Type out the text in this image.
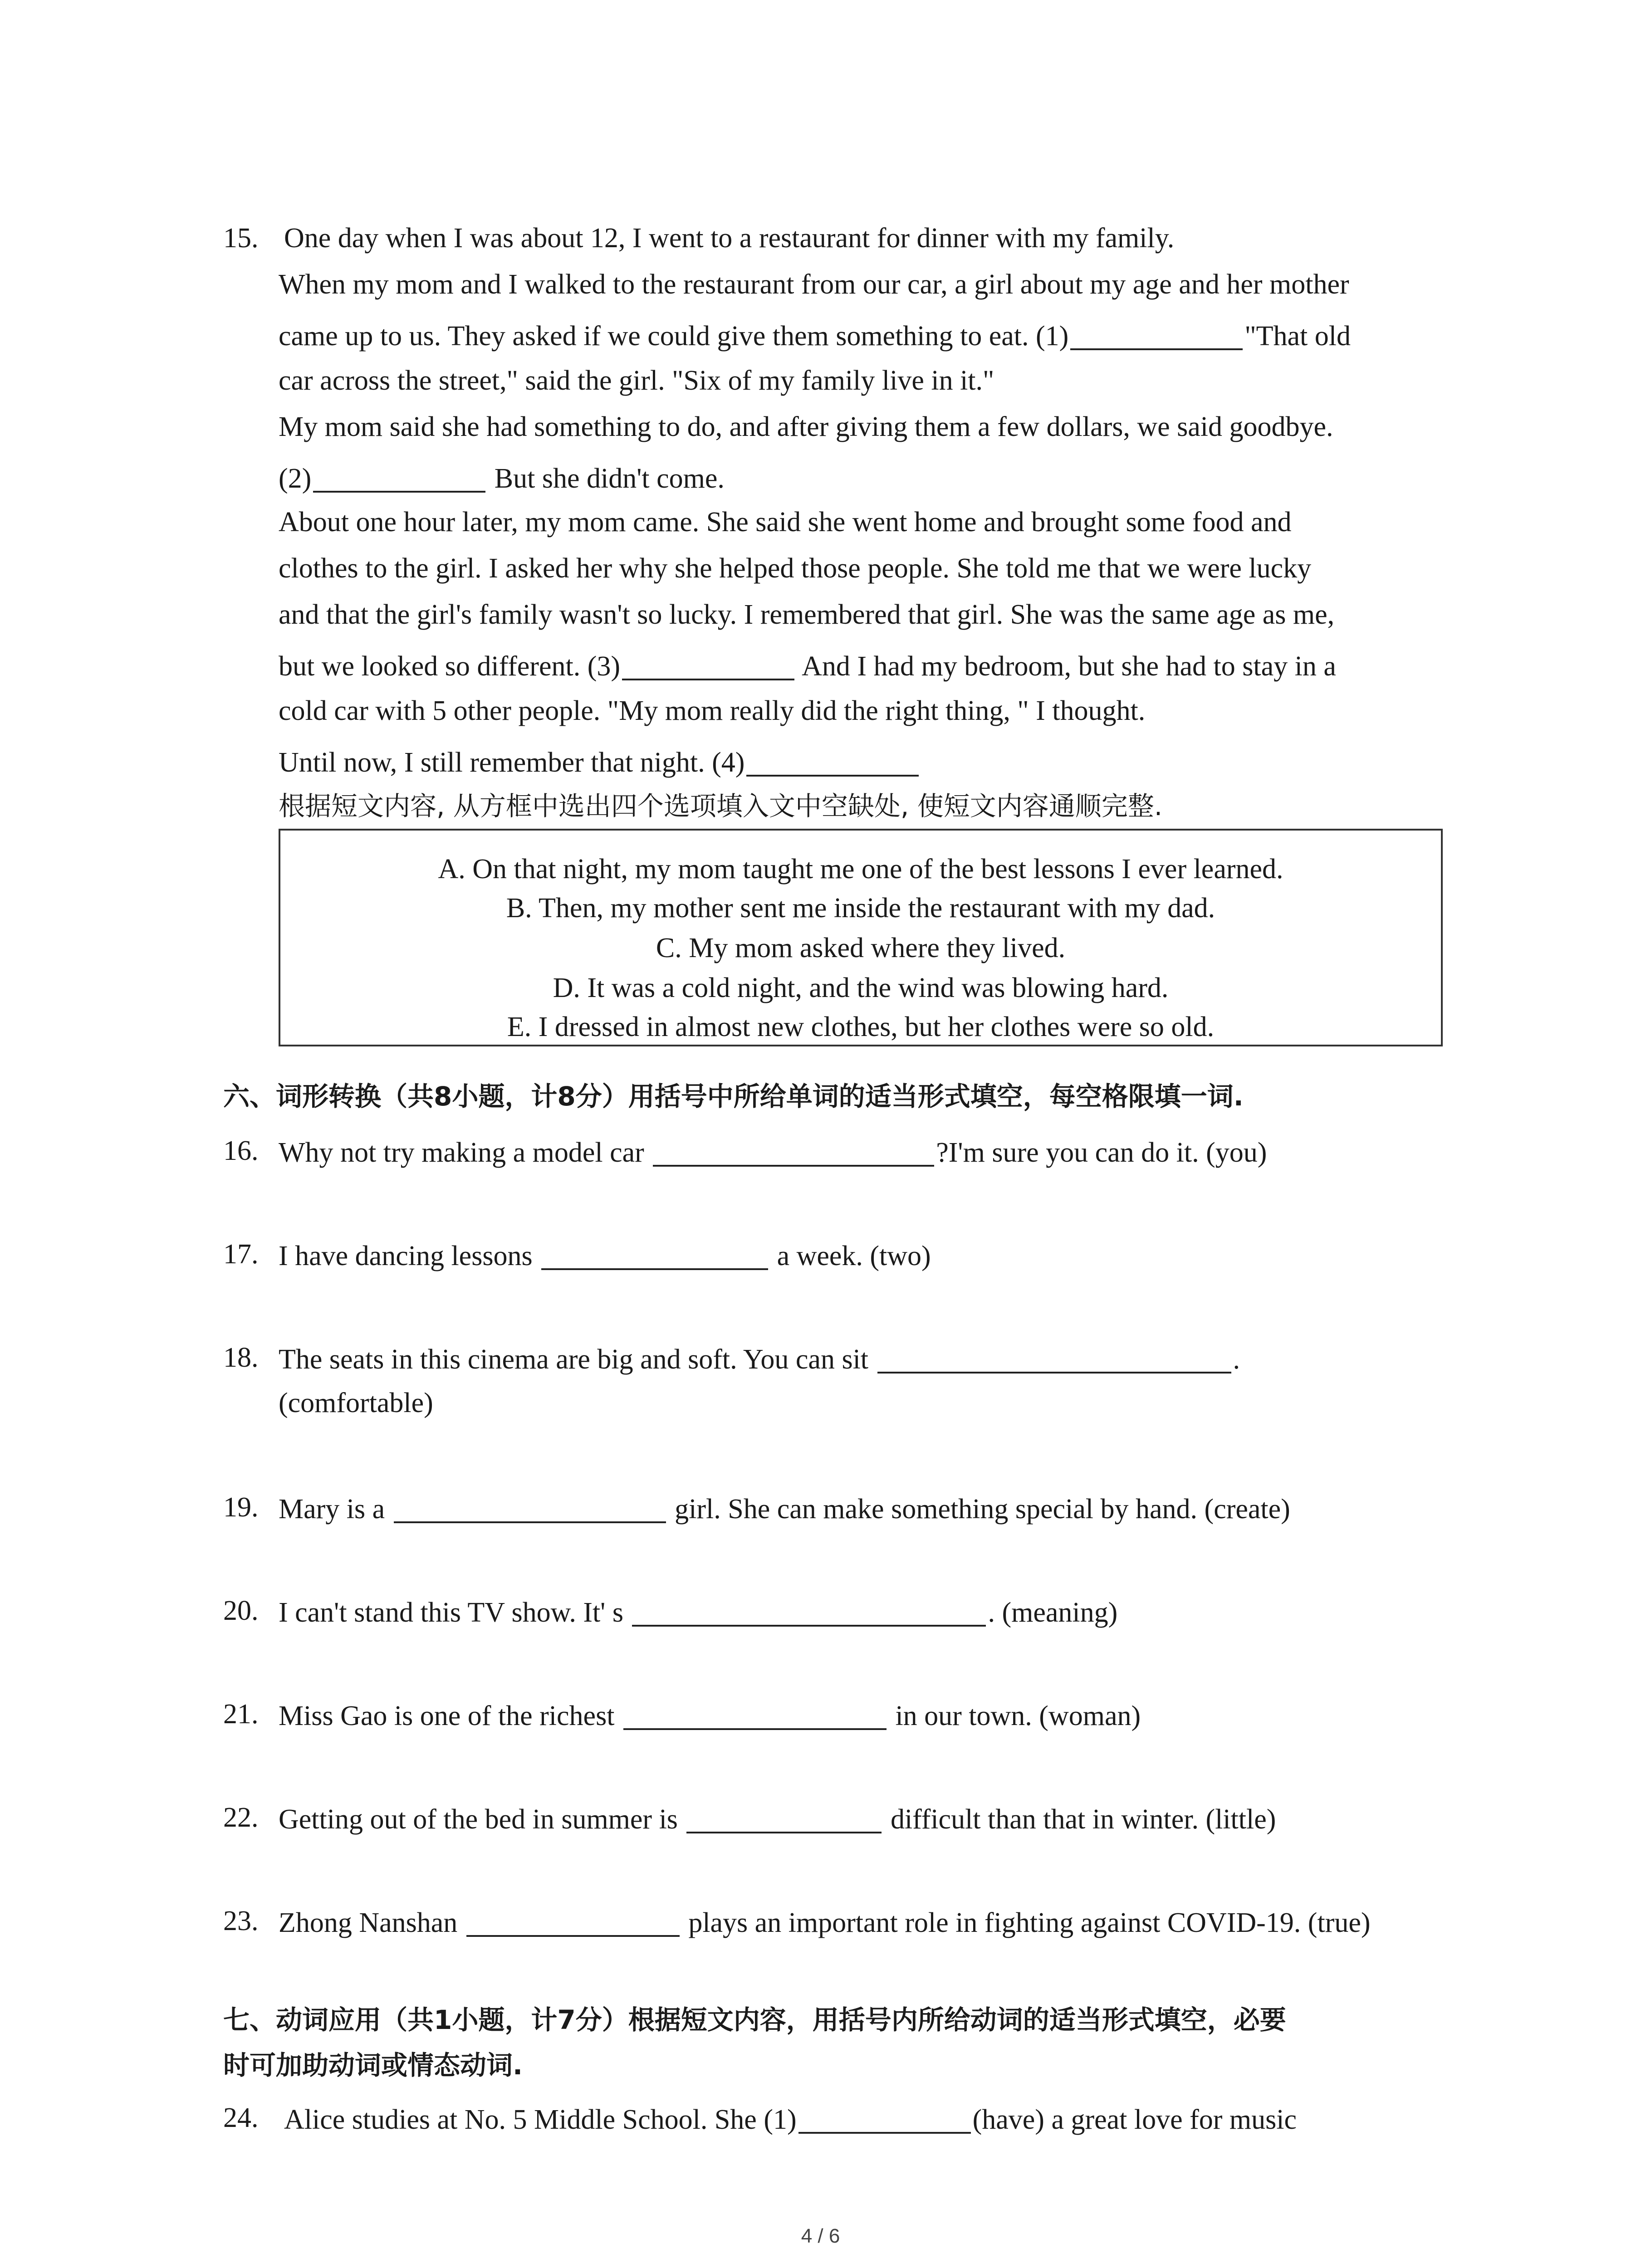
15. One day when I was about 12, I went to a restaurant for dinner with my family.
When my mom and I walked to the restaurant from our car, a girl about my age and her mother
came up to us. They asked if we could give them something to eat. (1)	"That old
car across the street," said the girl. "Six of my family live in it."
My mom said she had something to do, and after giving them a few dollars, we said goodbye.
(2)	But she didn't come.
About one hour later, my mom came. She said she went home and brought some food and
clothes to the girl. I asked her why she helped those people. She told me that we were lucky
and that the girl's family wasn't so lucky. I remembered that girl. She was the same age as me,
but we looked so different. (3)	And I had my bedroom, but she had to stay in a
cold car with 5 other people. "My mom really did the right thing, " I thought.
Until now, I still remember that night. (4)
根据短文内容, 从方框中选出四个选项填入文中空缺处, 使短文内容通顺完整.
A. On that night, my mom taught me one of the best lessons I ever learned.
B. Then, my mother sent me inside the restaurant with my dad.
C. My mom asked where they lived.
D. It was a cold night, and the wind was blowing hard.
E. I dressed in almost new clothes, but her clothes were so old.
六、词形转换（共8小题，计8分）用括号中所给单词的适当形式填空，每空格限填一词.
16. Why not try making a model car	?I'm sure you can do it. (you)
17. I have dancing lessons	a week. (two)
18. The seats in this cinema are big and soft. You can sit	.
(comfortable)
19. Mary is a	girl. She can make something special by hand. (create)
20. I can't stand this TV show. It' s	. (meaning)
21. Miss Gao is one of the richest	in our town. (woman)
22. Getting out of the bed in summer is	difficult than that in winter. (little)
23. Zhong Nanshan	plays an important role in fighting against COVID-19. (true)
七、动词应用（共1小题，计7分）根据短文内容，用括号内所给动词的适当形式填空，必要
时可加助动词或情态动词.
24. Alice studies at No. 5 Middle School. She (1)	(have) a great love for music
4 / 6
